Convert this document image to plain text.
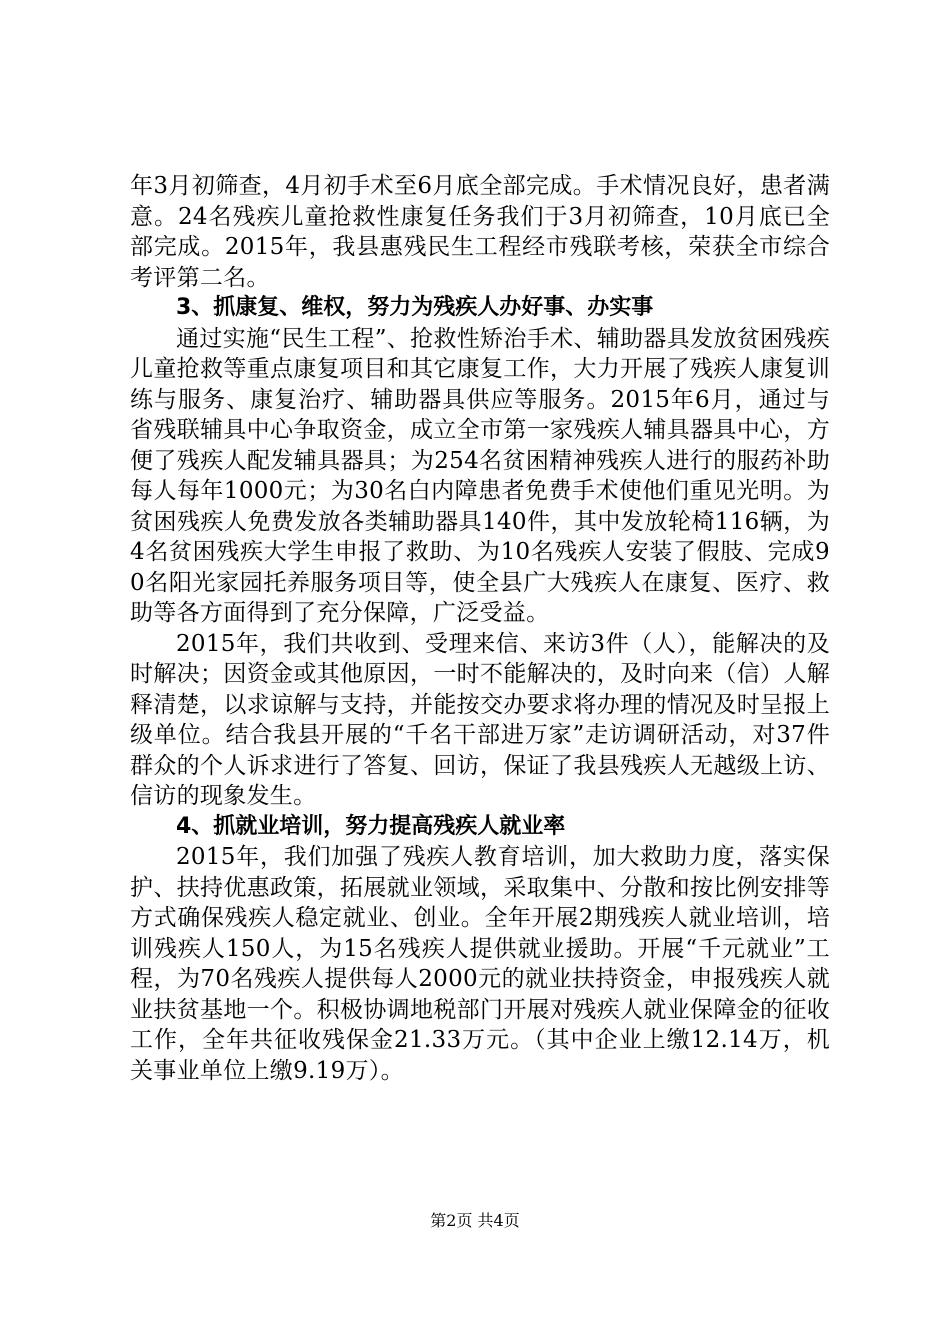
年3月初筛查，4月初手术至6月底全部完成。手术情况良好，患者满意。24名残疾儿童抢救性康复任务我们于3月初筛查，10月底已全部完成。2015年，我县惠残民生工程经市残联考核，荣获全市综合考评第二名。

3、抓康复、维权，努力为残疾人办好事、办实事

通过实施“民生工程”、抢救性矫治手术、辅助器具发放贫困残疾儿童抢救等重点康复项目和其它康复工作，大力开展了残疾人康复训练与服务、康复治疗、辅助器具供应等服务。2015年6月，通过与省残联辅具中心争取资金，成立全市第一家残疾人辅具器具中心，方便了残疾人配发辅具器具；为254名贫困精神残疾人进行的服药补助每人每年1000元；为30名白内障患者免费手术使他们重见光明。为贫困残疾人免费发放各类辅助器具140件，其中发放轮椅116辆，为4名贫困残疾大学生申报了救助、为10名残疾人安装了假肢、完成90名阳光家园托养服务项目等，使全县广大残疾人在康复、医疗、救助等各方面得到了充分保障，广泛受益。

2015年，我们共收到、受理来信、来访3件（人），能解决的及时解决；因资金或其他原因，一时不能解决的，及时向来（信）人解释清楚，以求谅解与支持，并能按交办要求将办理的情况及时呈报上级单位。结合我县开展的“千名干部进万家”走访调研活动，对37件群众的个人诉求进行了答复、回访，保证了我县残疾人无越级上访、信访的现象发生。

4、抓就业培训，努力提高残疾人就业率

2015年，我们加强了残疾人教育培训，加大救助力度，落实保护、扶持优惠政策，拓展就业领域，采取集中、分散和按比例安排等方式确保残疾人稳定就业、创业。全年开展2期残疾人就业培训，培训残疾人150人，为15名残疾人提供就业援助。开展“千元就业”工程，为70名残疾人提供每人2000元的就业扶持资金，申报残疾人就业扶贫基地一个。积极协调地税部门开展对残疾人就业保障金的征收工作，全年共征收残保金21.33万元。（其中企业上缴12.14万，机关事业单位上缴9.19万）。

第2页 共4页
